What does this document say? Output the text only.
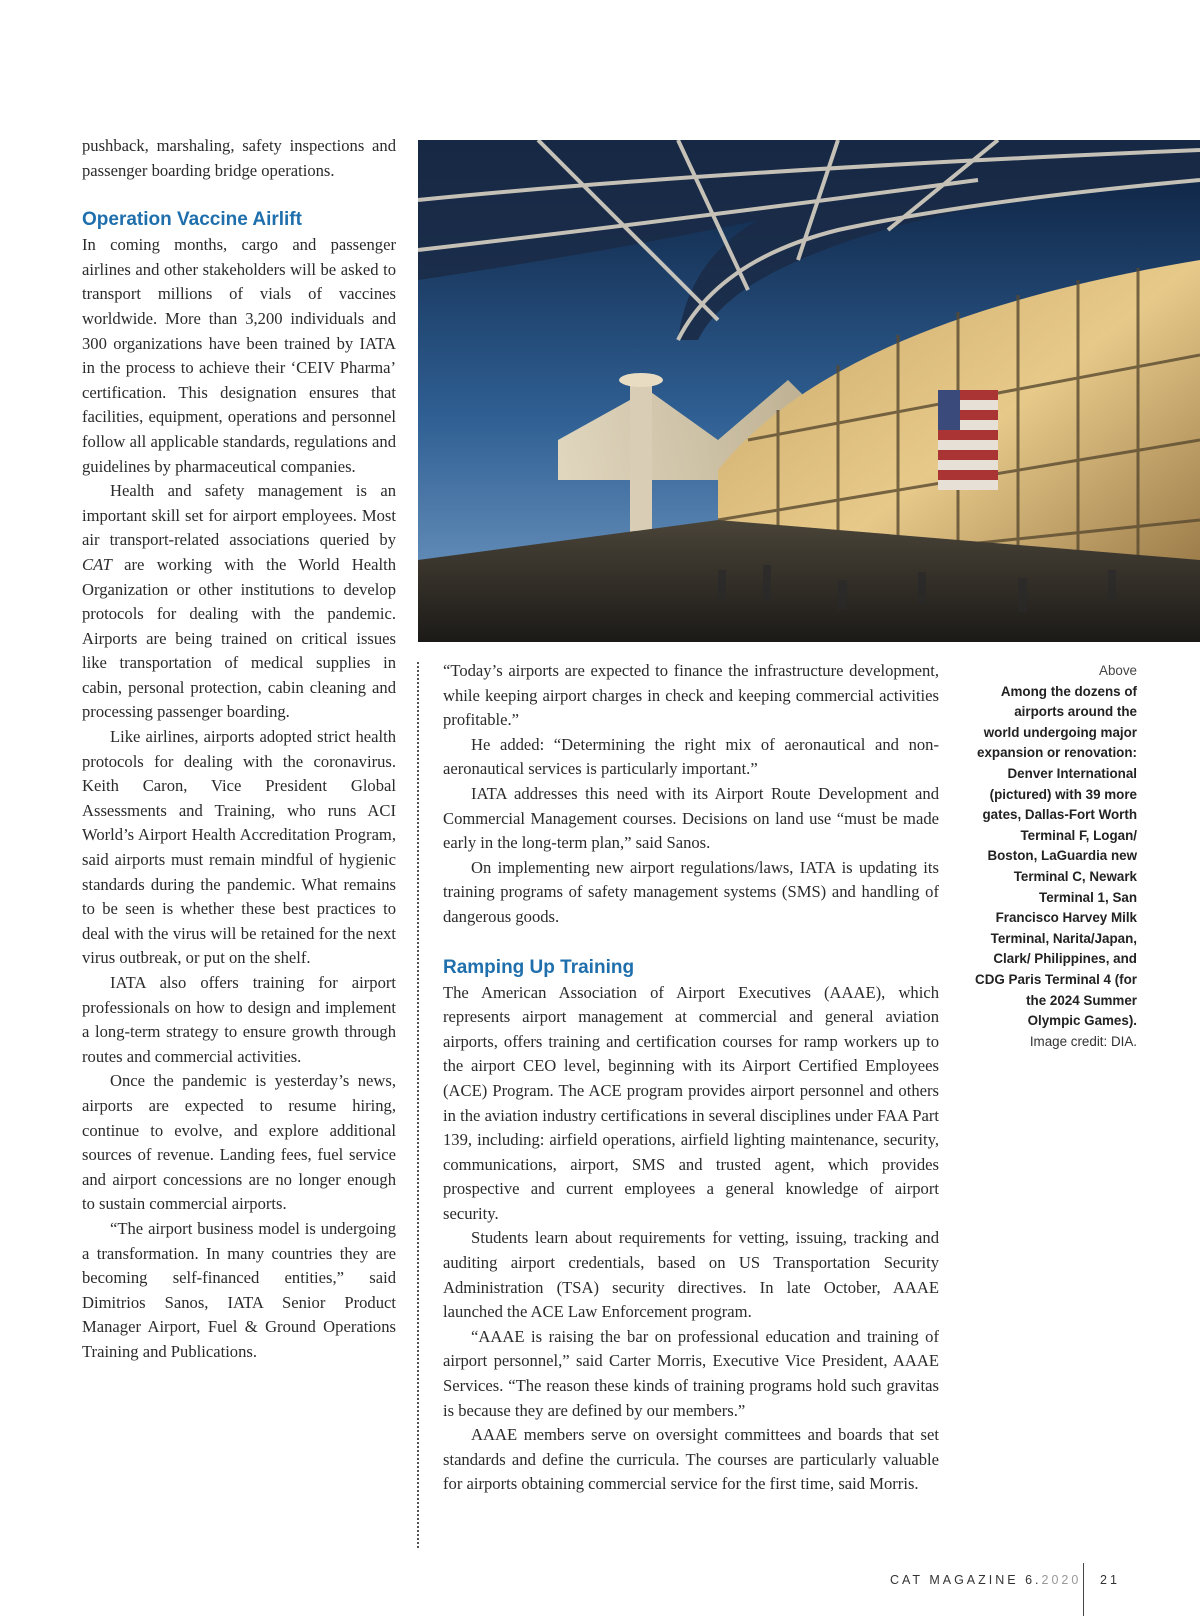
pushback, marshaling, safety inspections and passenger boarding bridge operations.

Operation Vaccine Airlift

In coming months, cargo and passenger airlines and other stakeholders will be asked to transport millions of vials of vaccines worldwide. More than 3,200 individuals and 300 organizations have been trained by IATA in the process to achieve their ‘CEIV Pharma’ certification. This designation ensures that facilities, equipment, operations and personnel follow all applicable standards, regulations and guidelines by pharmaceutical companies.

Health and safety management is an important skill set for airport employees. Most air transport-related associations queried by CAT are working with the World Health Organization or other institutions to develop protocols for dealing with the pandemic. Airports are being trained on critical issues like transportation of medical supplies in cabin, personal protection, cabin cleaning and processing passenger boarding.

Like airlines, airports adopted strict health protocols for dealing with the coronavirus. Keith Caron, Vice President Global Assessments and Training, who runs ACI World’s Airport Health Accreditation Program, said airports must remain mindful of hygienic standards during the pandemic. What remains to be seen is whether these best practices to deal with the virus will be retained for the next virus outbreak, or put on the shelf.

IATA also offers training for airport professionals on how to design and implement a long-term strategy to ensure growth through routes and commercial activities.

Once the pandemic is yesterday’s news, airports are expected to resume hiring, continue to evolve, and explore additional sources of revenue. Landing fees, fuel service and airport concessions are no longer enough to sustain commercial airports.

“The airport business model is undergoing a transformation. In many countries they are becoming self-financed entities,” said Dimitrios Sanos, IATA Senior Product Manager Airport, Fuel & Ground Operations Training and Publications.

“Today’s airports are expected to finance the infrastructure development, while keeping airport charges in check and keeping commercial activities profitable.”

He added: “Determining the right mix of aeronautical and non-aeronautical services is particularly important.”

IATA addresses this need with its Airport Route Development and Commercial Management courses. Decisions on land use “must be made early in the long-term plan,” said Sanos.

On implementing new airport regulations/laws, IATA is updating its training programs of safety management systems (SMS) and handling of dangerous goods.

Ramping Up Training

The American Association of Airport Executives (AAAE), which represents airport management at commercial and general aviation airports, offers training and certification courses for ramp workers up to the airport CEO level, beginning with its Airport Certified Employees (ACE) Program. The ACE program provides airport personnel and others in the aviation industry certifications in several disciplines under FAA Part 139, including: airfield operations, airfield lighting maintenance, security, communications, airport, SMS and trusted agent, which provides prospective and current employees a general knowledge of airport security.

Students learn about requirements for vetting, issuing, tracking and auditing airport credentials, based on US Transportation Security Administration (TSA) security directives. In late October, AAAE launched the ACE Law Enforcement program.

“AAAE is raising the bar on professional education and training of airport personnel,” said Carter Morris, Executive Vice President, AAAE Services. “The reason these kinds of training programs hold such gravitas is because they are defined by our members.”

AAAE members serve on oversight committees and boards that set standards and define the curricula. The courses are particularly valuable for airports obtaining commercial service for the first time, said Morris.

Above
Among the dozens of airports around the world undergoing major expansion or renovation: Denver International (pictured) with 39 more gates, Dallas-Fort Worth Terminal F, Logan/ Boston, LaGuardia new Terminal C, Newark Terminal 1, San Francisco Harvey Milk Terminal, Narita/Japan, Clark/ Philippines, and CDG Paris Terminal 4 (for the 2024 Summer Olympic Games).
Image credit: DIA.
CAT MAGAZINE 6.2020 21
